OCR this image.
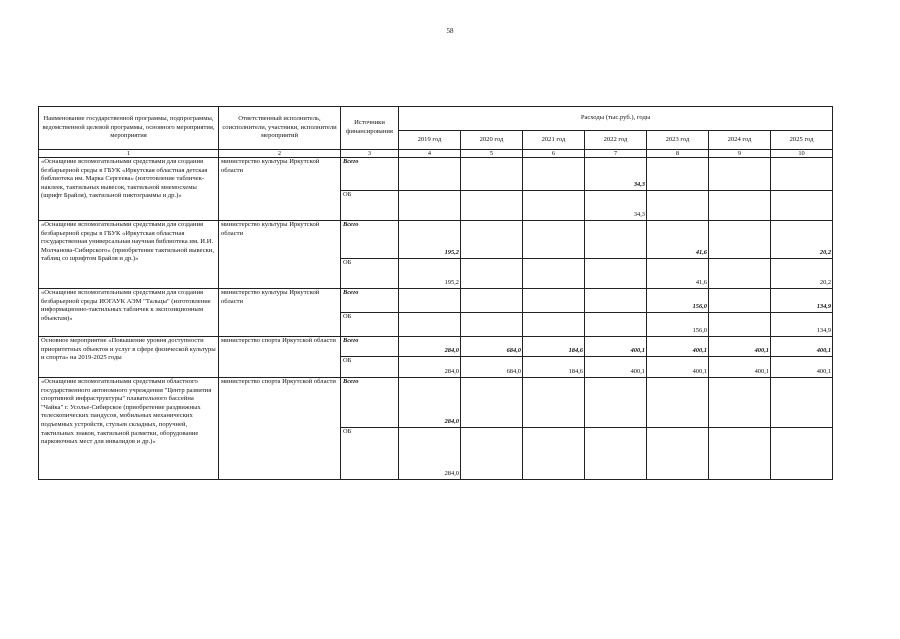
58
Наименование государственной программы, подпрограммы, ведомственной целевой программы, основного мероприятия, мероприятия	Ответственный исполнитель, соисполнители, участники, исполнители мероприятий	Источники финансирования	Расходы (тыс.руб.), годы						
			2019 год	2020 год	2021 год	2022 год	2023 год	2024 год	2025 год
1	2	3	4	5	6	7	8	9	10
«Оснащение вспомогательными средствами для создания безбарьерной среды в ГБУК «Иркутская областная детская библиотека им. Марка Сергеева» (изготовление табличек-наклеек, тактильных вывесок, тактильной мнемосхемы (шрифт Брайля), тактильной пиктограммы и др.)»	министерство культуры Иркутской области	Всего				34,3			
		ОБ				34,3			
«Оснащение вспомогательными средствами для создания безбарьерной среды в ГБУК «Иркутская областная государственная универсальная научная библиотека им. И.И. Молчанова-Сибирского» (приобретение тактильной вывески, таблиц со шрифтом Брайля и др.)»	министерство культуры Иркутской области	Всего	195,2				41,6		20,2
		ОБ	195,2				41,6		20,2
«Оснащение вспомогательными средствами для создания безбарьерной среды ИОГАУК АЭМ "Тальцы" (изготовление информационно-тактильных табличек к экспозиционным объектам)»	министерство культуры Иркутской области	Всего					156,0		134,9
		ОБ					156,0		134,9
Основное мероприятие «Повышение уровня доступности приоритетных объектов и услуг в сфере физической культуры и спорта» на 2019-2025 годы	министерство спорта Иркутской области	Всего	284,0	684,0	184,6	400,1	400,1	400,1	400,1
		ОБ	284,0	684,0	184,6	400,1	400,1	400,1	400,1
«Оснащение вспомогательными средствами областного государственного автономного учреждения "Центр развития спортивной инфраструктуры" плавательного бассейна "Чайка" г. Усолье-Сибирское (приобретение раздвижных телескопических пандусов, мобильных механических подъемных устройств, стульев складных, поручней, тактильных знаков, тактильной разметки, оборудование парковочных мест для инвалидов и др.)»	министерство спорта Иркутской области	Всего	284,0						
		ОБ	284,0						
